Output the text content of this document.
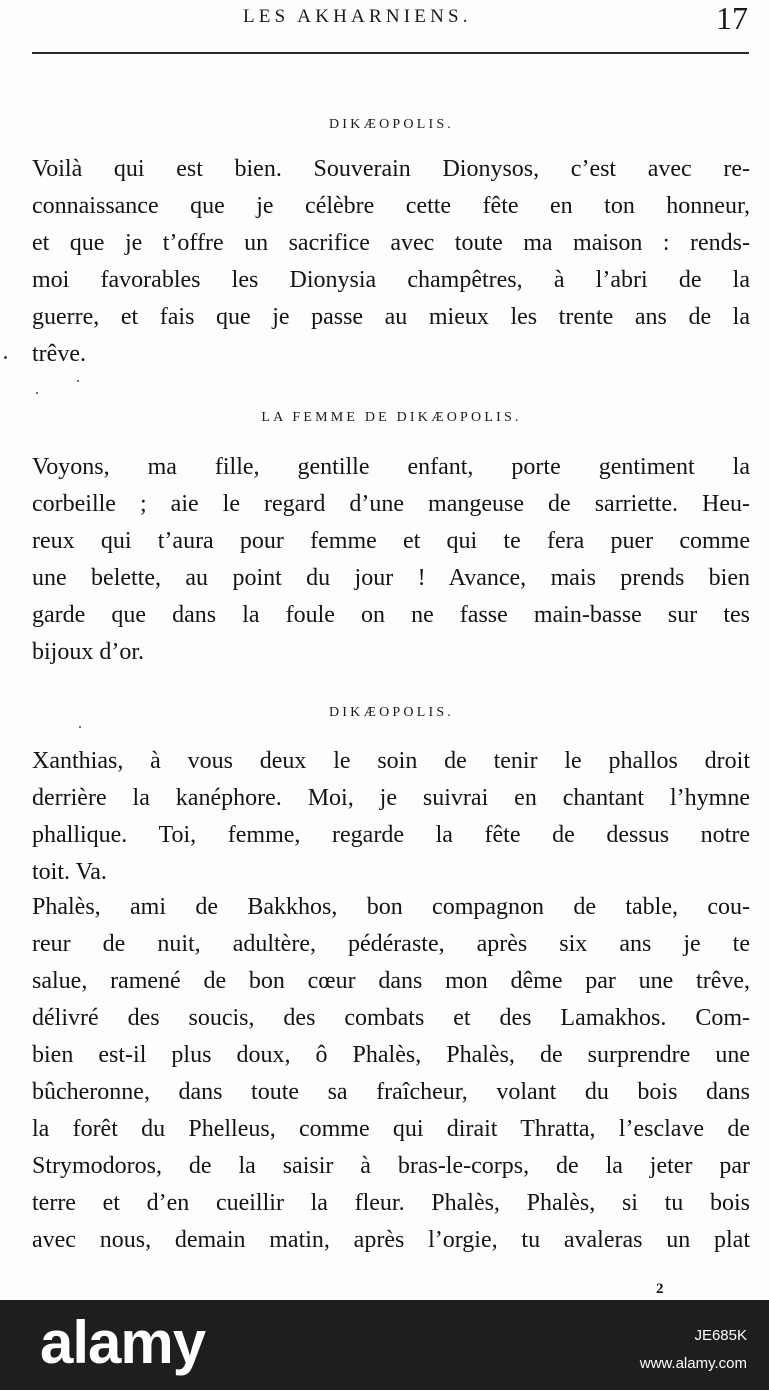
LES AKHARNIENS.	17
DIKÆOPOLIS.

Voilà qui est bien. Souverain Dionysos, c’est avec re-
connaissance que je célèbre cette fête en ton honneur,
et que je t’offre un sacrifice avec toute ma maison : rends-
moi favorables les Dionysia champêtres, à l’abri de la
guerre, et fais que je passe au mieux les trente ans de la
trêve.

LA FEMME DE DIKÆOPOLIS.

Voyons, ma fille, gentille enfant, porte gentiment la
corbeille ; aie le regard d’une mangeuse de sarriette. Heu-
reux qui t’aura pour femme et qui te fera puer comme
une belette, au point du jour ! Avance, mais prends bien
garde que dans la foule on ne fasse main-basse sur tes
bijoux d’or.

DIKÆOPOLIS.

Xanthias, à vous deux le soin de tenir le phallos droit
derrière la kanéphore. Moi, je suivrai en chantant l’hymne
phallique. Toi, femme, regarde la fête de dessus notre
toit. Va.

Phalès, ami de Bakkhos, bon compagnon de table, cou-
reur de nuit, adultère, pédéraste, après six ans je te
salue, ramené de bon cœur dans mon dême par une trêve,
délivré des soucis, des combats et des Lamakhos. Com-
bien est-il plus doux, ô Phalès, Phalès, de surprendre une
bûcheronne, dans toute sa fraîcheur, volant du bois dans
la forêt du Phelleus, comme qui dirait Thratta, l’esclave de
Strymodoros, de la saisir à bras-le-corps, de la jeter par
terre et d’en cueillir la fleur. Phalès, Phalès, si tu bois
avec nous, demain matin, après l’orgie, tu avaleras un plat

2
alamy	JE685K
www.alamy.com
